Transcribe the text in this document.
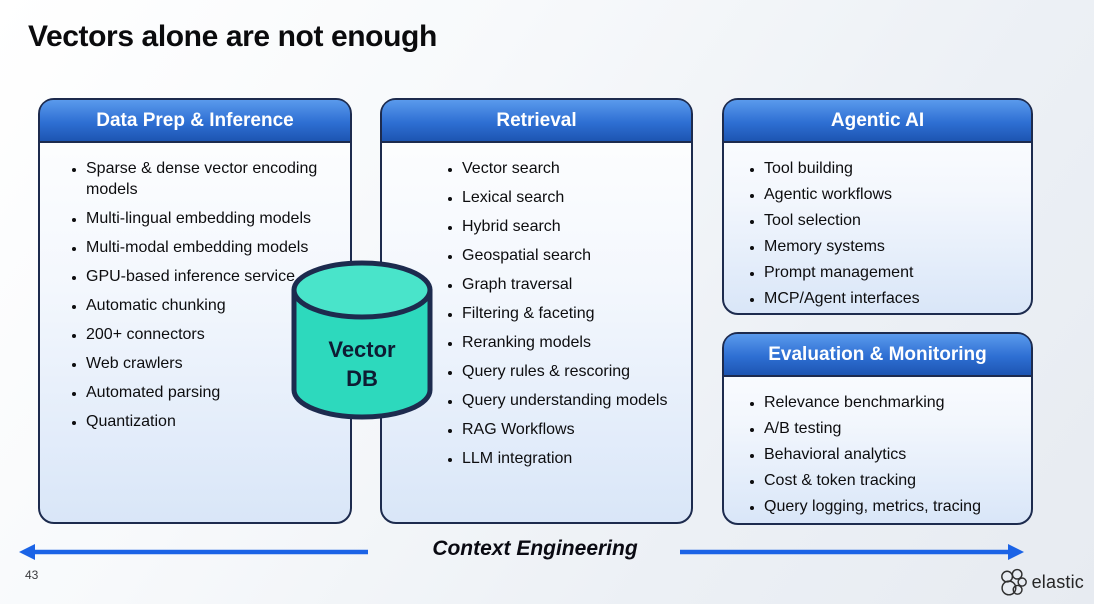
Vectors alone are not enough
Data Prep & Inference
• Sparse & dense vector encoding models
• Multi-lingual embedding models
• Multi-modal embedding models
• GPU-based inference service
• Automatic chunking
• 200+ connectors
• Web crawlers
• Automated parsing
• Quantization
Retrieval
• Vector search
• Lexical search
• Hybrid search
• Geospatial search
• Graph traversal
• Filtering & faceting
• Reranking models
• Query rules & rescoring
• Query understanding models
• RAG Workflows
• LLM integration
Agentic AI
• Tool building
• Agentic workflows
• Tool selection
• Memory systems
• Prompt management
• MCP/Agent interfaces
Evaluation & Monitoring
• Relevance benchmarking
• A/B testing
• Behavioral analytics
• Cost & token tracking
• Query logging, metrics, tracing
Vector
DB
Context Engineering
43	elastic
